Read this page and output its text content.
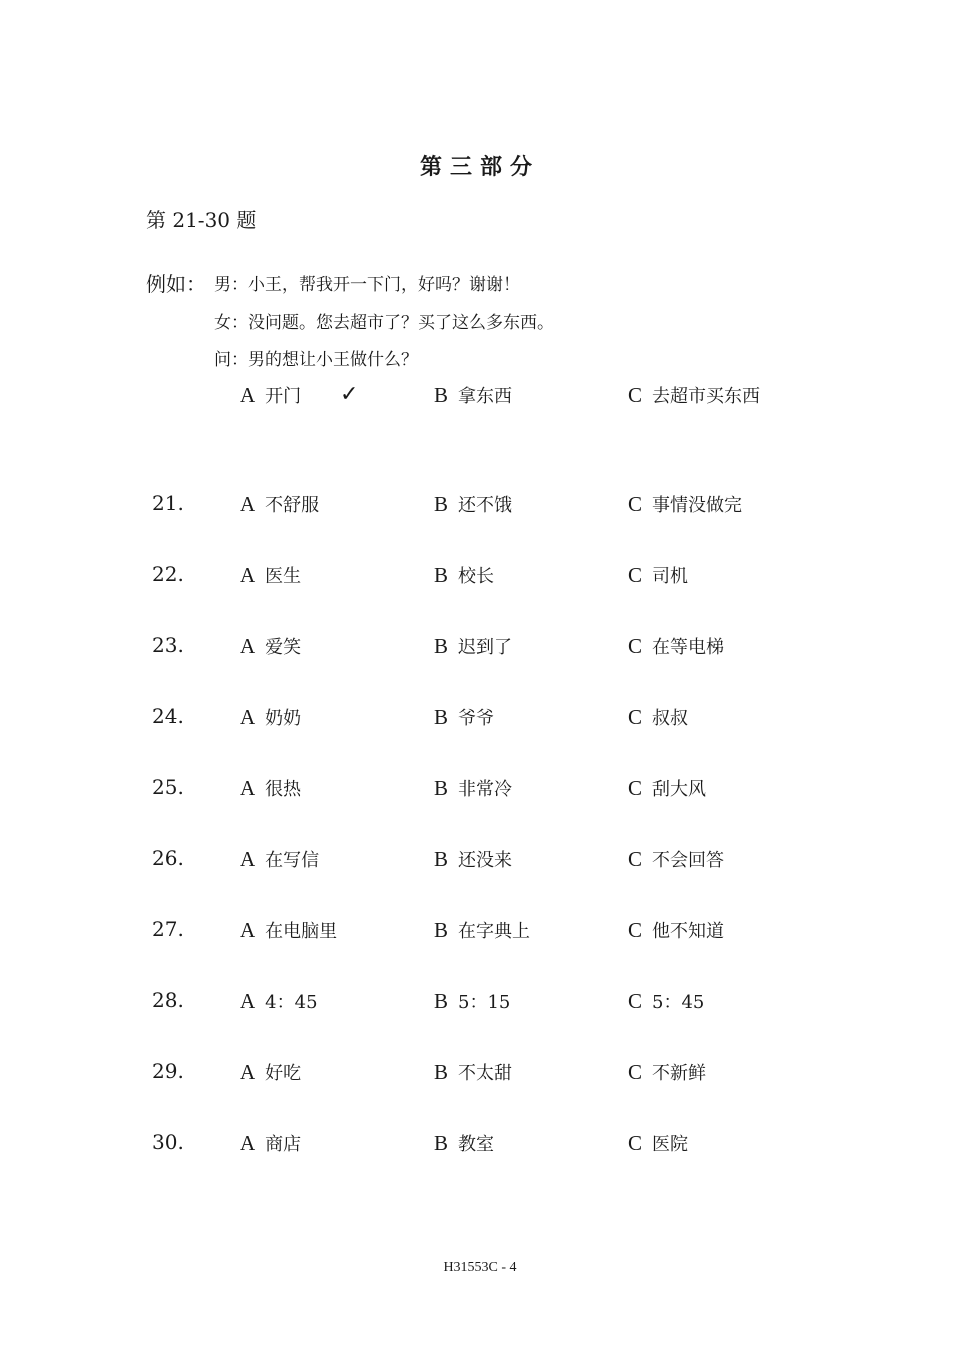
第三部分
第 21-30 题
例如： 男：小王，帮我开一下门，好吗？谢谢！
女：没问题。您去超市了？买了这么多东西。
问：男的想让小王做什么？
A 开门 ✓	B 拿东西	C 去超市买东西
21.	A 不舒服	B 还不饿	C 事情没做完
22.	A 医生	B 校长	C 司机
23.	A 爱笑	B 迟到了	C 在等电梯
24.	A 奶奶	B 爷爷	C 叔叔
25.	A 很热	B 非常冷	C 刮大风
26.	A 在写信	B 还没来	C 不会回答
27.	A 在电脑里	B 在字典上	C 他不知道
28.	A 4：45	B 5：15	C 5：45
29.	A 好吃	B 不太甜	C 不新鲜
30.	A 商店	B 教室	C 医院
H31553C - 4
